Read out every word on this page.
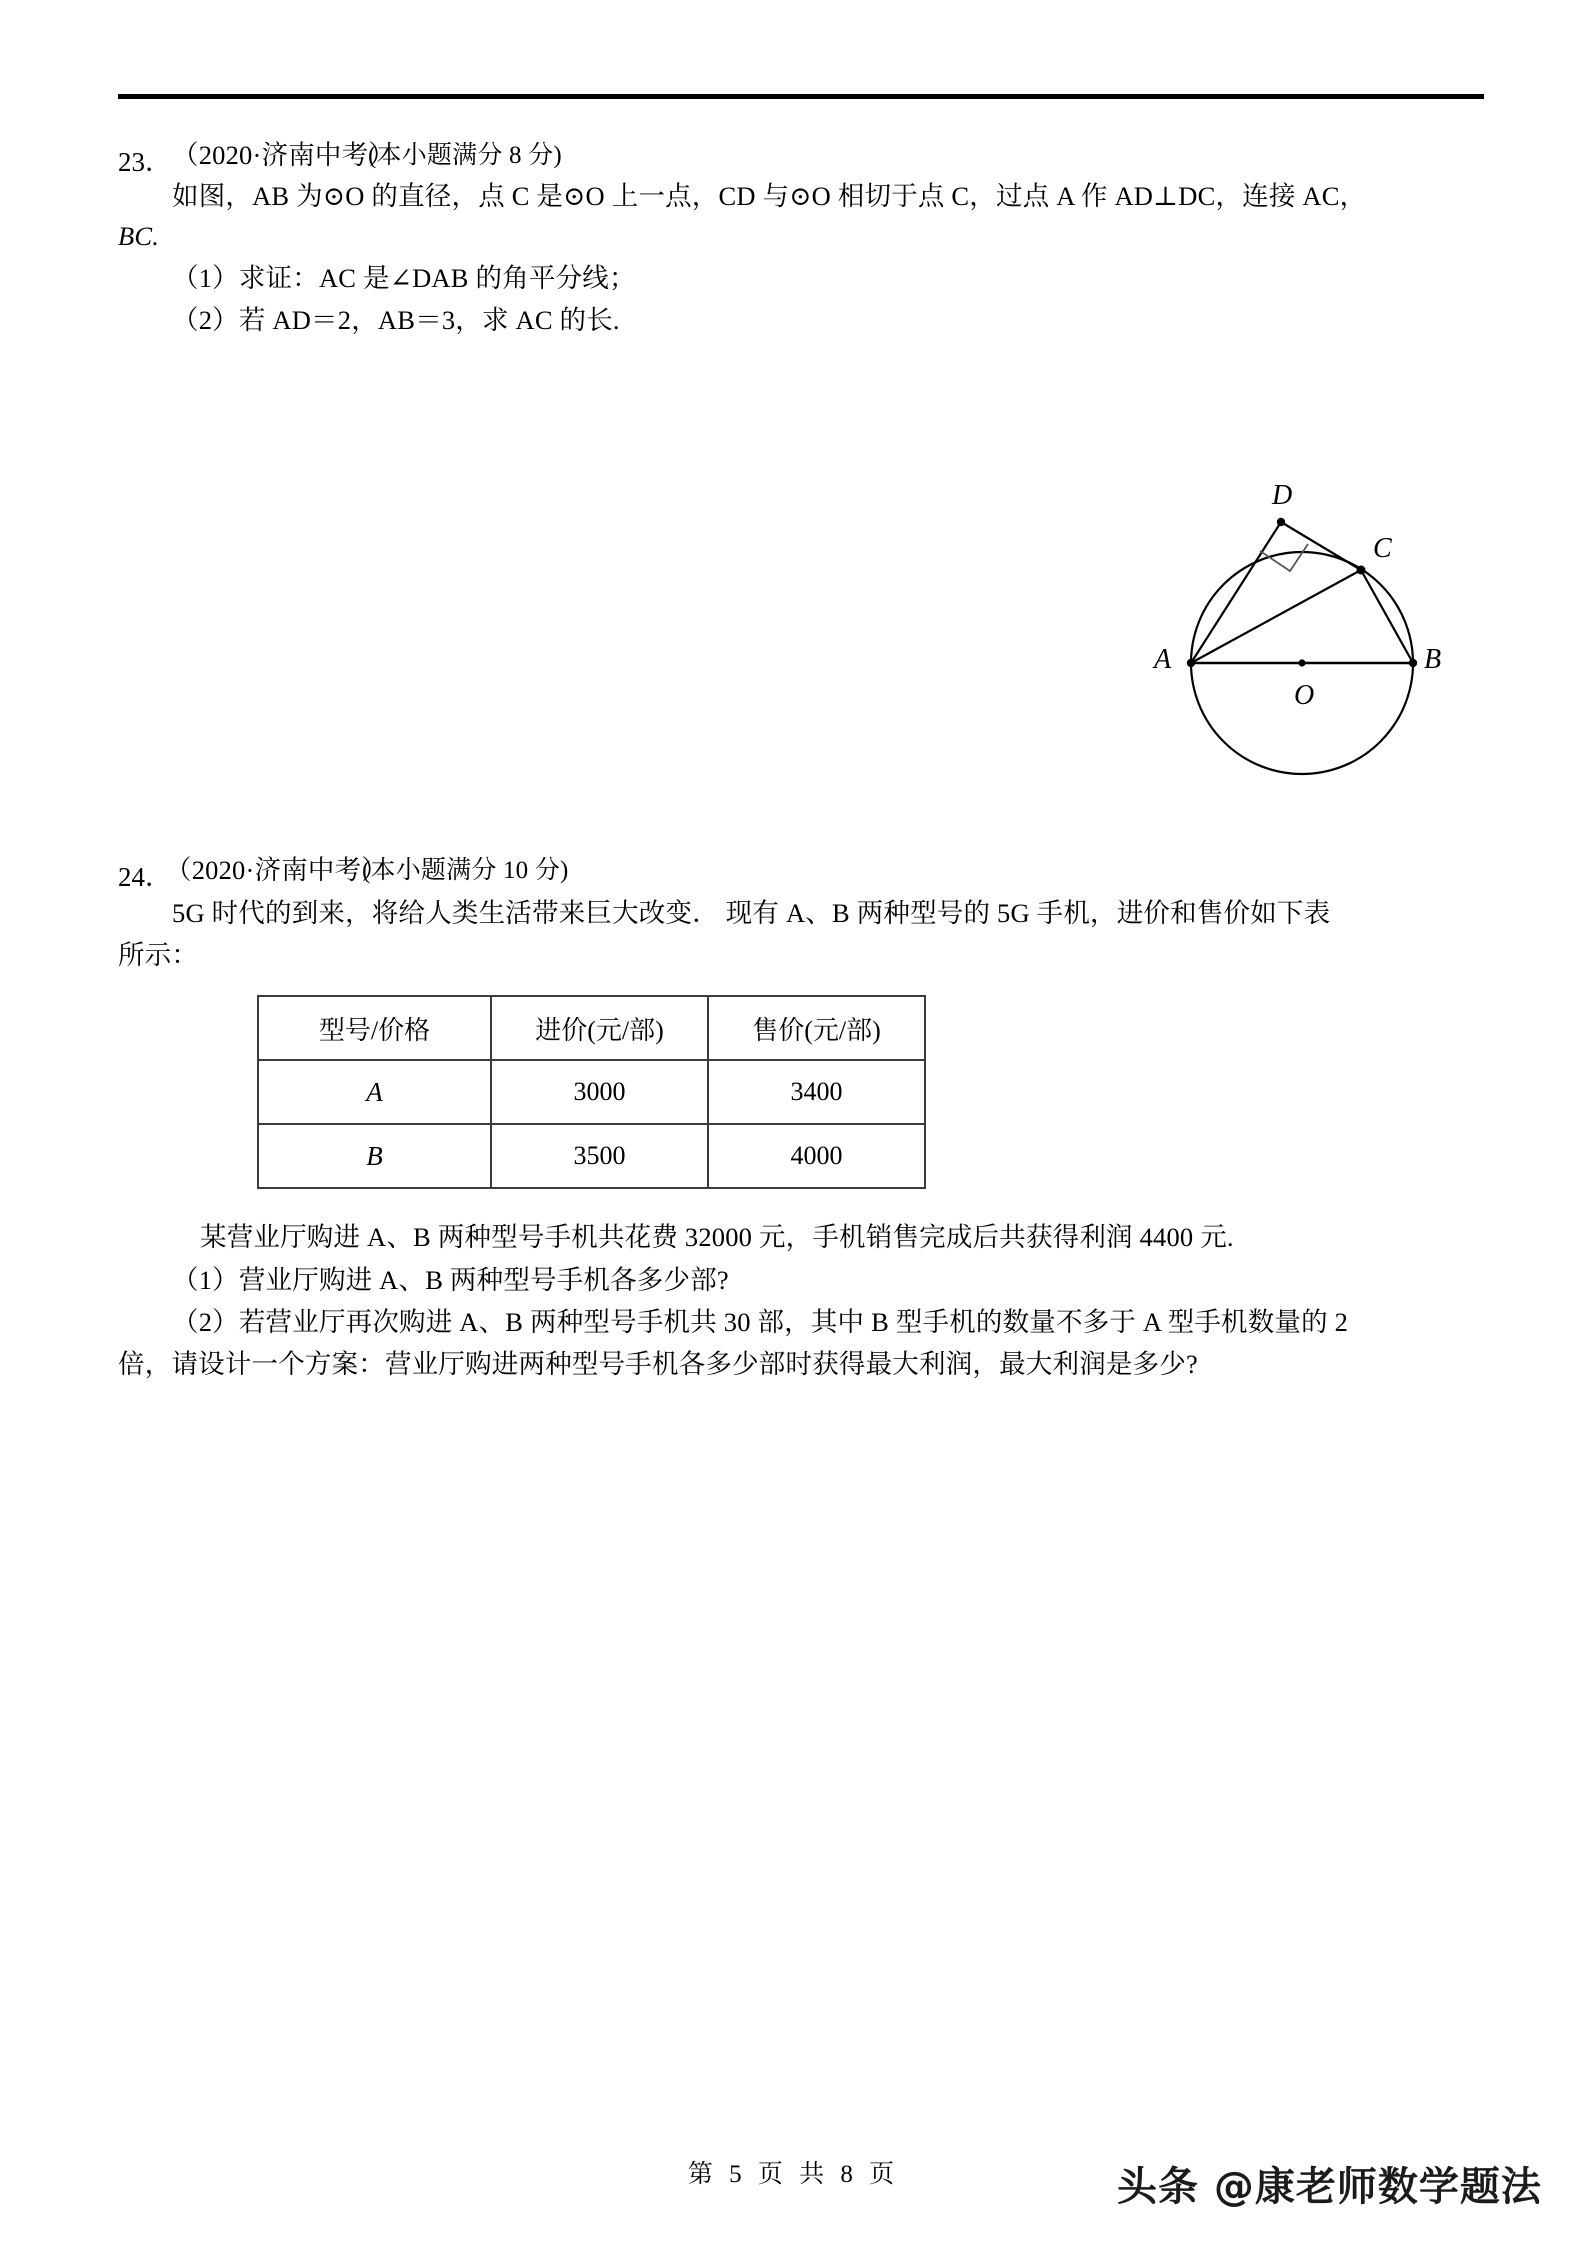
23． （2020·济南中考）
(本小题满分 8 分)
如图，AB 为⊙O 的直径，点 C 是⊙O 上一点，CD 与⊙O 相切于点 C，过点 A 作 AD⊥DC，连接 AC，
BC.
（1）求证：AC 是∠DAB 的角平分线；
（2）若 AD＝2，AB＝3，求 AC 的长.
A	B
C
D
O
24．
（2020·济南中考）
(本小题满分 10 分)
5G 时代的到来，将给人类生活带来巨大改变． 现有 A、B 两种型号的 5G 手机，进价和售价如下表
所示：
型号/价格	进价(元/部)	售价(元/部)
A	3000	3400
B	3500	4000
某营业厅购进 A、B 两种型号手机共花费 32000 元，手机销售完成后共获得利润 4400 元.
（1）营业厅购进 A、B 两种型号手机各多少部?
（2）若营业厅再次购进 A、B 两种型号手机共 30 部，其中 B 型手机的数量不多于 A 型手机数量的 2
倍，请设计一个方案：营业厅购进两种型号手机各多少部时获得最大利润，最大利润是多少?
第 5 页 共 8 页	头条 @康老师数学题法
